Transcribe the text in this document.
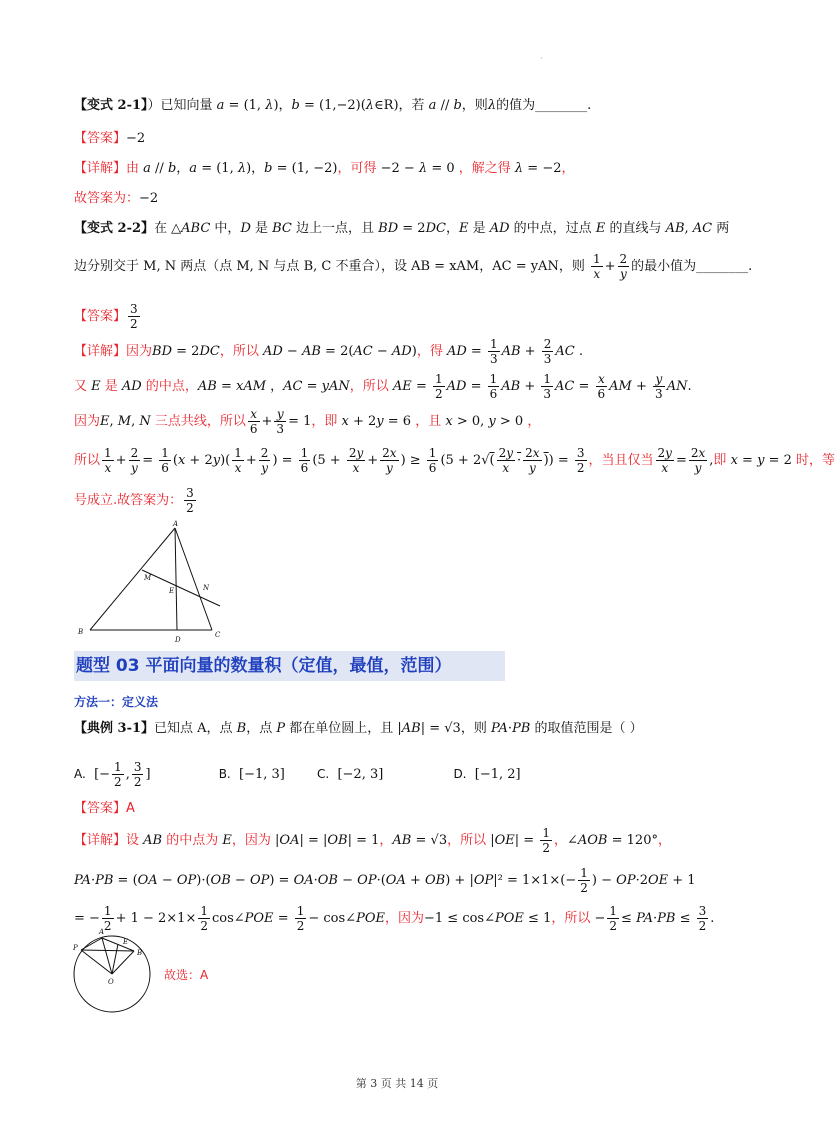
·
【变式 2-1】）已知向量 a = (1, λ)，b = (1,−2)(λ∈R)，若 a // b，则λ的值为________.
【答案】−2
【详解】由 a // b，a = (1, λ)，b = (1, −2)，可得 −2 − λ = 0 ，解之得 λ = −2，
故答案为：−2
【变式 2-2】在 △ABC 中，D 是 BC 边上一点，且 BD = 2DC，E 是 AD 的中点，过点 E 的直线与 AB, AC 两
边分别交于 M, N 两点（点 M, N 与点 B, C 不重合），设 AB = xAM，AC = yAN，则 $\frac{1}{x} + \frac{2}{y}$ 的最小值为________.
【答案】 $\frac{3}{2}$
【详解】因为BD = 2DC，所以 AD − AB = 2(AC − AD)，得 AD = $\frac{1}{3}$ AB + $\frac{2}{3}$ AC .
又 E 是 AD 的中点，AB = xAM ，AC = yAN，所以 AE = $\frac{1}{2}$ AD = $\frac{1}{6}$ AB + $\frac{1}{3}$ AC = $\frac{x}{6}$ AM + $\frac{y}{3}$ AN.
因为E, M, N 三点共线，所以 $\frac{x}{6} + \frac{y}{3} = 1$，即 x + 2y = 6 ，且 x > 0, y > 0 ，
所以 $\frac{1}{x} + \frac{2}{y} = \frac{1}{6} (x + 2y)( \frac{1}{x} + \frac{2}{y}$ ) = $\frac{1}{6} (5 + \frac{2y}{x} + \frac{2x}{y}$ ) ≥ $\frac{1}{6} (5 + 2√( \frac{2y}{x} \cdot \frac{2x}{y}$ )) = $\frac{3}{2}$ ，当且仅当 $\frac{2y}{x} = \frac{2x}{y}$ ,即 x = y = 2 时，等
号成立.故答案为： $\frac{3}{2}$
A
M
N
E
B
D
C
题型 03 平面向量的数量积（定值，最值，范围）
方法一：定义法
【典例 3-1】已知点 A，点 B，点 P 都在单位圆上，且 |AB| = √3，则 PA·PB 的取值范围是（ ）
A.  [− $\frac{1}{2}$ , $\frac{3}{2}$ ]	B.  [−1, 3] C.  [−2, 3]	D.  [−1, 2]
【答案】A
【详解】设 AB 的中点为 E，因为 |OA| = |OB| = 1，AB = √3，所以 $|OE| = \frac{1}{2}$ ，∠AOB = 120°，
$PA\cdot PB = (OA - OP)\cdot(OB - OP) = OA\cdot OB - OP\cdot(OA + OB) + |OP|^2 = 1\times 1\times(- \frac{1}{2}$ ) − OP·2OE + 1
= − $\frac{1}{2} + 1 - 2\times 1\times \frac{1}{2}$ cos∠POE = $\frac{1}{2}$ − cos∠POE，因为−1 ≤ cos∠POE ≤ 1，所以 − $\frac{1}{2} \le PA\cdot PB \le \frac{3}{2}$ .
A
P
E
B
O	故选：A
第 3 页 共 14 页
